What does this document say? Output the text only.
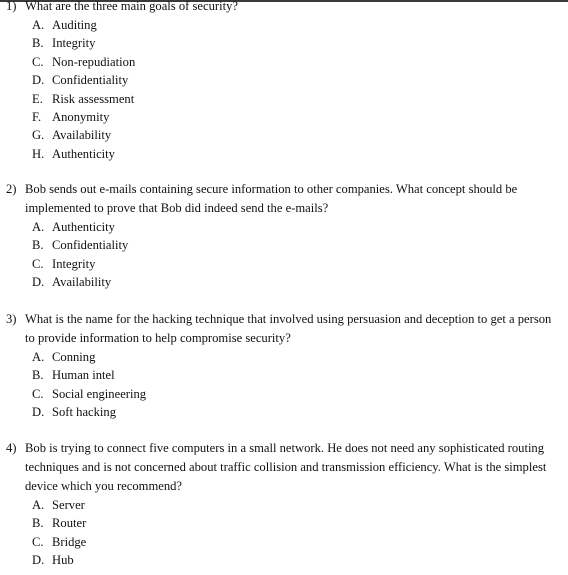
1) What are the three main goals of security?
A. Auditing
B. Integrity
C. Non-repudiation
D. Confidentiality
E. Risk assessment
F. Anonymity
G. Availability
H. Authenticity
2) Bob sends out e-mails containing secure information to other companies. What concept should be implemented to prove that Bob did indeed send the e-mails?
A. Authenticity
B. Confidentiality
C. Integrity
D. Availability
3) What is the name for the hacking technique that involved using persuasion and deception to get a person to provide information to help compromise security?
A. Conning
B. Human intel
C. Social engineering
D. Soft hacking
4) Bob is trying to connect five computers in a small network. He does not need any sophisticated routing techniques and is not concerned about traffic collision and transmission efficiency. What is the simplest device which you recommend?
A. Server
B. Router
C. Bridge
D. Hub
